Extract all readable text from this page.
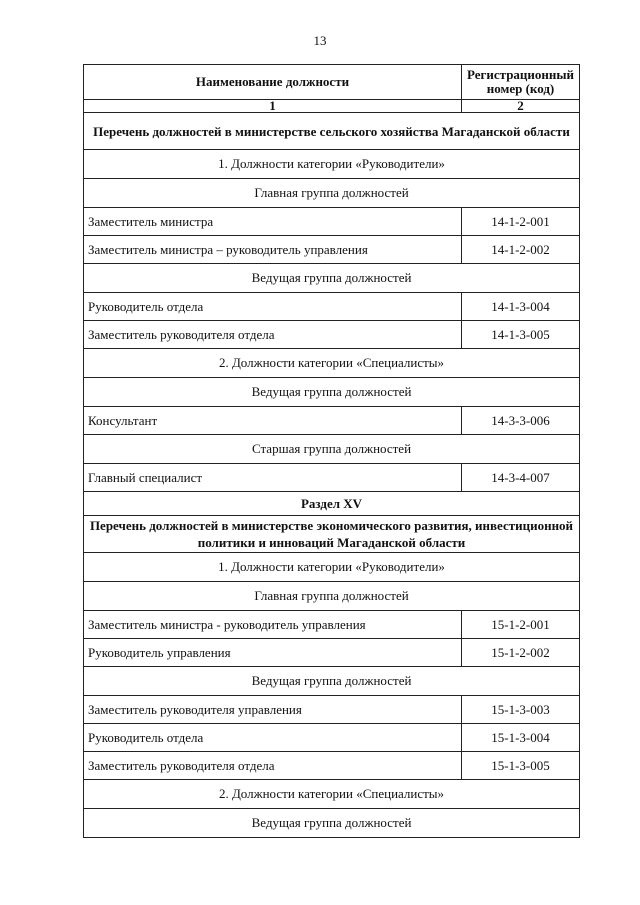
13
Наименование должности	Регистрационный номер (код)
1	2
Перечень должностей в министерстве сельского хозяйства Магаданской области	
1. Должности категории «Руководители»	
Главная группа должностей	
Заместитель министра	14-1-2-001
Заместитель министра – руководитель управления	14-1-2-002
Ведущая группа должностей	
Руководитель отдела	14-1-3-004
Заместитель руководителя отдела	14-1-3-005
2. Должности категории «Специалисты»	
Ведущая группа должностей	
Консультант	14-3-3-006
Старшая группа должностей	
Главный специалист	14-3-4-007
Раздел XV	
Перечень должностей в министерстве экономического развития, инвестиционной политики и инноваций Магаданской области	
1. Должности категории «Руководители»	
Главная группа должностей	
Заместитель министра - руководитель управления	15-1-2-001
Руководитель управления	15-1-2-002
Ведущая группа должностей	
Заместитель руководителя управления	15-1-3-003
Руководитель отдела	15-1-3-004
Заместитель руководителя отдела	15-1-3-005
2. Должности категории «Специалисты»	
Ведущая группа должностей	
